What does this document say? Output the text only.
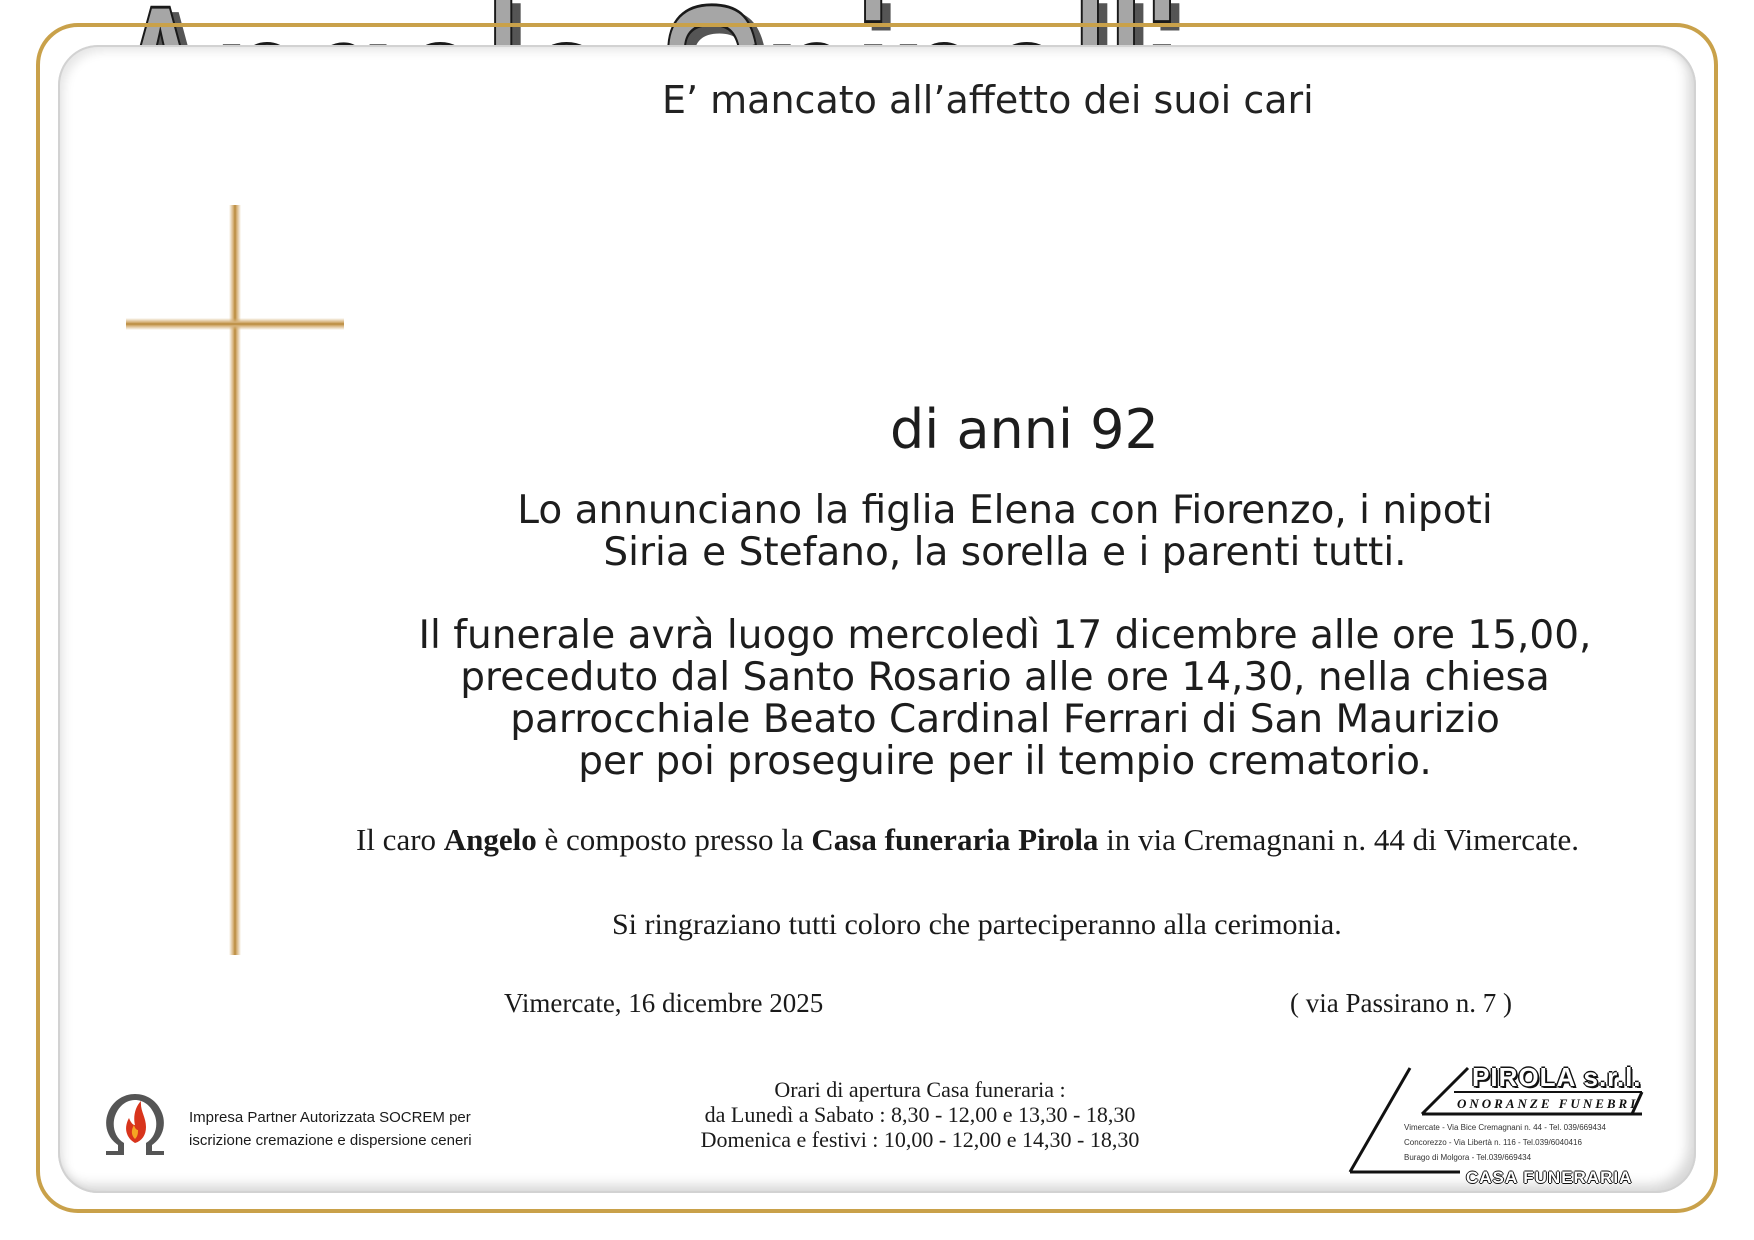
E’ mancato all’affetto dei suoi cari

di anni 92

Lo annunciano la figlia Elena con Fiorenzo, i nipoti
Siria e Stefano, la sorella e i parenti tutti.
Il funerale avrà luogo mercoledì 17 dicembre alle ore 15,00,
preceduto dal Santo Rosario alle ore 14,30, nella chiesa
parrocchiale Beato Cardinal Ferrari di San Maurizio
per poi proseguire per il tempio crematorio.

Il caro Angelo è composto presso la Casa funeraria Pirola in via Cremagnani n. 44 di Vimercate.

Si ringraziano tutti coloro che parteciperanno alla cerimonia.

Vimercate, 16 dicembre 2025	( via Passirano n. 7 )

Orari di apertura Casa funeraria :
da Lunedì a Sabato : 8,30 - 12,00 e 13,30 - 18,30
Domenica e festivi : 10,00 - 12,00 e 14,30 - 18,30
Impresa Partner Autorizzata SOCREM per
iscrizione cremazione e dispersione ceneri
PIROLA s.r.l.
ONORANZE FUNEBRI
Vimercate - Via Bice Cremagnani n. 44 - Tel. 039/669434
Concorezzo - Via Libertà n. 116 - Tel.039/6040416
Burago di Molgora - Tel.039/669434
CASA FUNERARIA
